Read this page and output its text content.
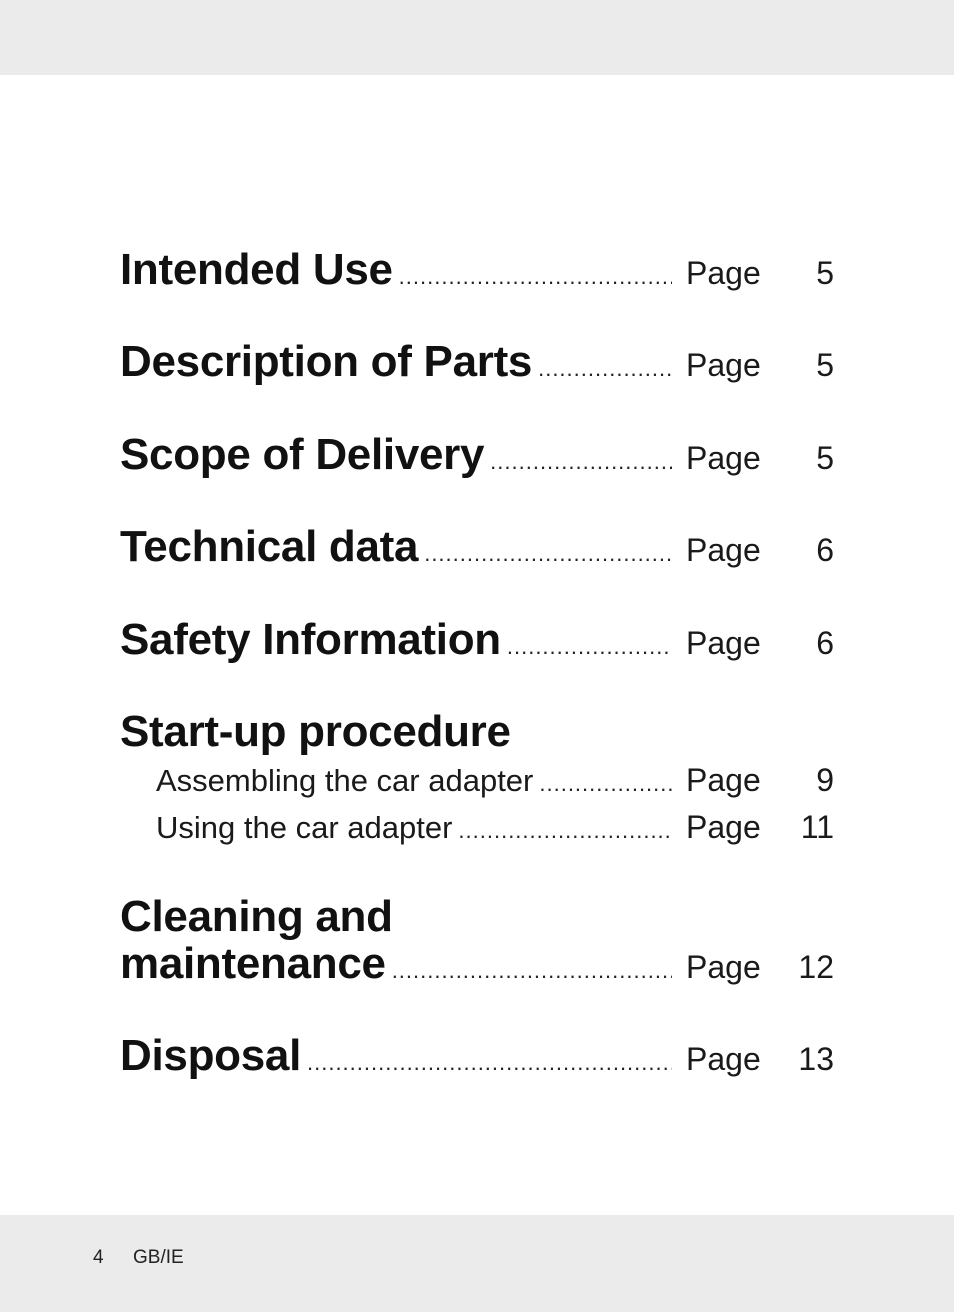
Intended Use .....	Page	5
Description of Parts .....	Page	5
Scope of Delivery .....	Page	5
Technical data .....	Page	6
Safety Information .....	Page	6
Start-up procedure
Assembling the car adapter .....	Page	9
Using the car adapter .....	Page	11
Cleaning and
maintenance .....	Page	12
Disposal .....	Page	13
4 GB/IE
